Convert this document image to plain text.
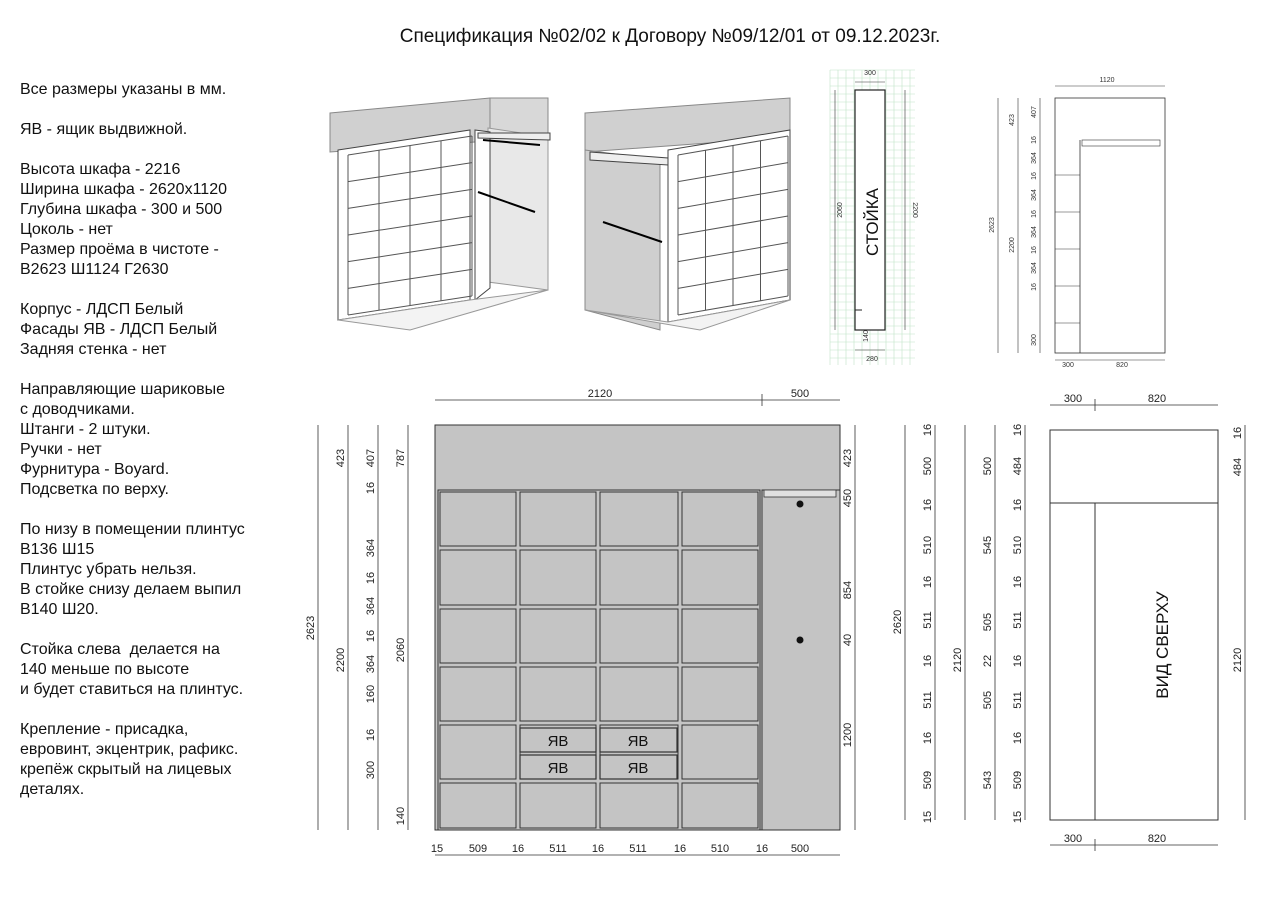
Спецификация №02/02 к Договору №09/12/01 от 09.12.2023г.
Все размеры указаны в мм.
ЯВ - ящик выдвижной.
Высота шкафа - 2216
Ширина шкафа - 2620х1120
Глубина шкафа - 300 и 500
Цоколь - нет
Размер проёма в чистоте -
В2623 Ш1124 Г2630
Корпус - ЛДСП Белый
Фасады ЯВ - ЛДСП Белый
Задняя стенка - нет
Направляющие шариковые
с доводчиками.
Штанги - 2 штуки.
Ручки - нет
Фурнитура - Boyard.
Подсветка по верху.
По низу в помещении плинтус
В136 Ш15
Плинтус убрать нельзя.
В стойке снизу делаем выпил
В140 Ш20.
Стойка слева  делается на
140 меньше по высоте
и будет ставиться на плинтус.
Крепление - присадка,
евровинт, экцентрик, рафикс.
крепёж скрытый на лицевых
деталях.
300
2060	2200
140
280
СТОЙКА
1120
2623
423
2200
407
16
364
16
364
16
364
16
364
16
300
300	820
ЯВ	ЯВ
ЯВ	ЯВ
2120	500
15 509 16 511 16 511 16 510 16 500
2623
423
2200
407
16
364
16
364
16
364
160
16
300
787
2060
140
423
450
854
40
1200
2620
16
500
16
510
16
511
16
511
16
509
15
2120
500
545
505
22
505
543
16
484
16
510
16
511
16
511
16
509
15
300	820
300	820
16
484
2120
ВИД СВЕРХУ
